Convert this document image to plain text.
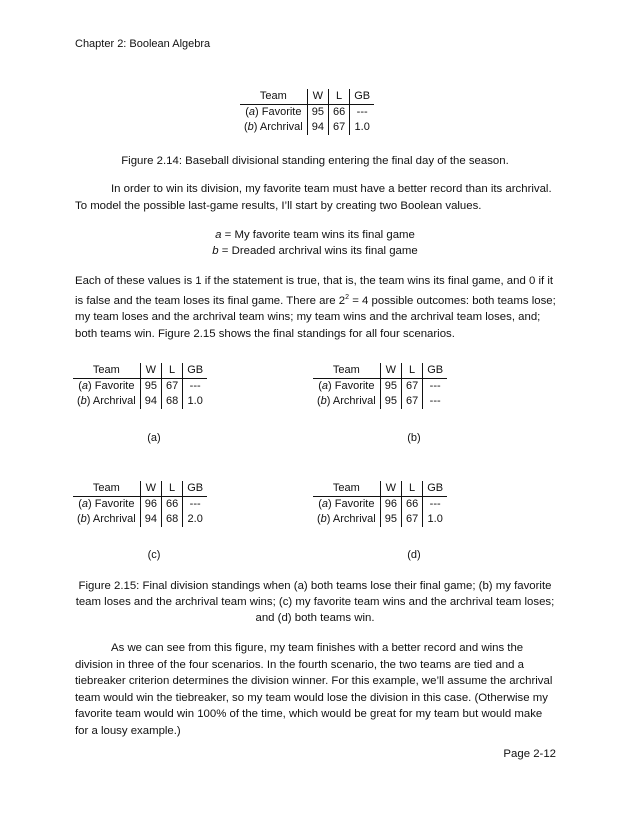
Chapter 2: Boolean Algebra
Team	W	L	GB
(a) Favorite	95	66	---
(b) Archrival	94	67	1.0
Figure 2.14: Baseball divisional standing entering the final day of the season.
In order to win its division, my favorite team must have a better record than its archrival. To model the possible last-game results, I’ll start by creating two Boolean values.
a = My favorite team wins its final game
b = Dreaded archrival wins its final game
Each of these values is 1 if the statement is true, that is, the team wins its final game, and 0 if it is false and the team loses its final game. There are $2^2 = 4$ possible outcomes: both teams lose; my team loses and the archrival team wins; my team wins and the archrival team loses, and; both teams win. Figure 2.15 shows the final standings for all four scenarios.
Team	W	L	GB
(a) Favorite	95	67	---
(b) Archrival	94	68	1.0
Team	W	L	GB
(a) Favorite	95	67	---
(b) Archrival	95	67	---
(a)	(b)
Team	W	L	GB
(a) Favorite	96	66	---
(b) Archrival	94	68	2.0
Team	W	L	GB
(a) Favorite	96	66	---
(b) Archrival	95	67	1.0
(c)	(d)
Figure 2.15: Final division standings when (a) both teams lose their final game; (b) my favorite team loses and the archrival team wins; (c) my favorite team wins and the archrival team loses; and (d) both teams win.
As we can see from this figure, my team finishes with a better record and wins the division in three of the four scenarios. In the fourth scenario, the two teams are tied and a tiebreaker criterion determines the division winner. For this example, we’ll assume the archrival team would win the tiebreaker, so my team would lose the division in this case. (Otherwise my favorite team would win 100% of the time, which would be great for my team but would make for a lousy example.)
Page 2-12
